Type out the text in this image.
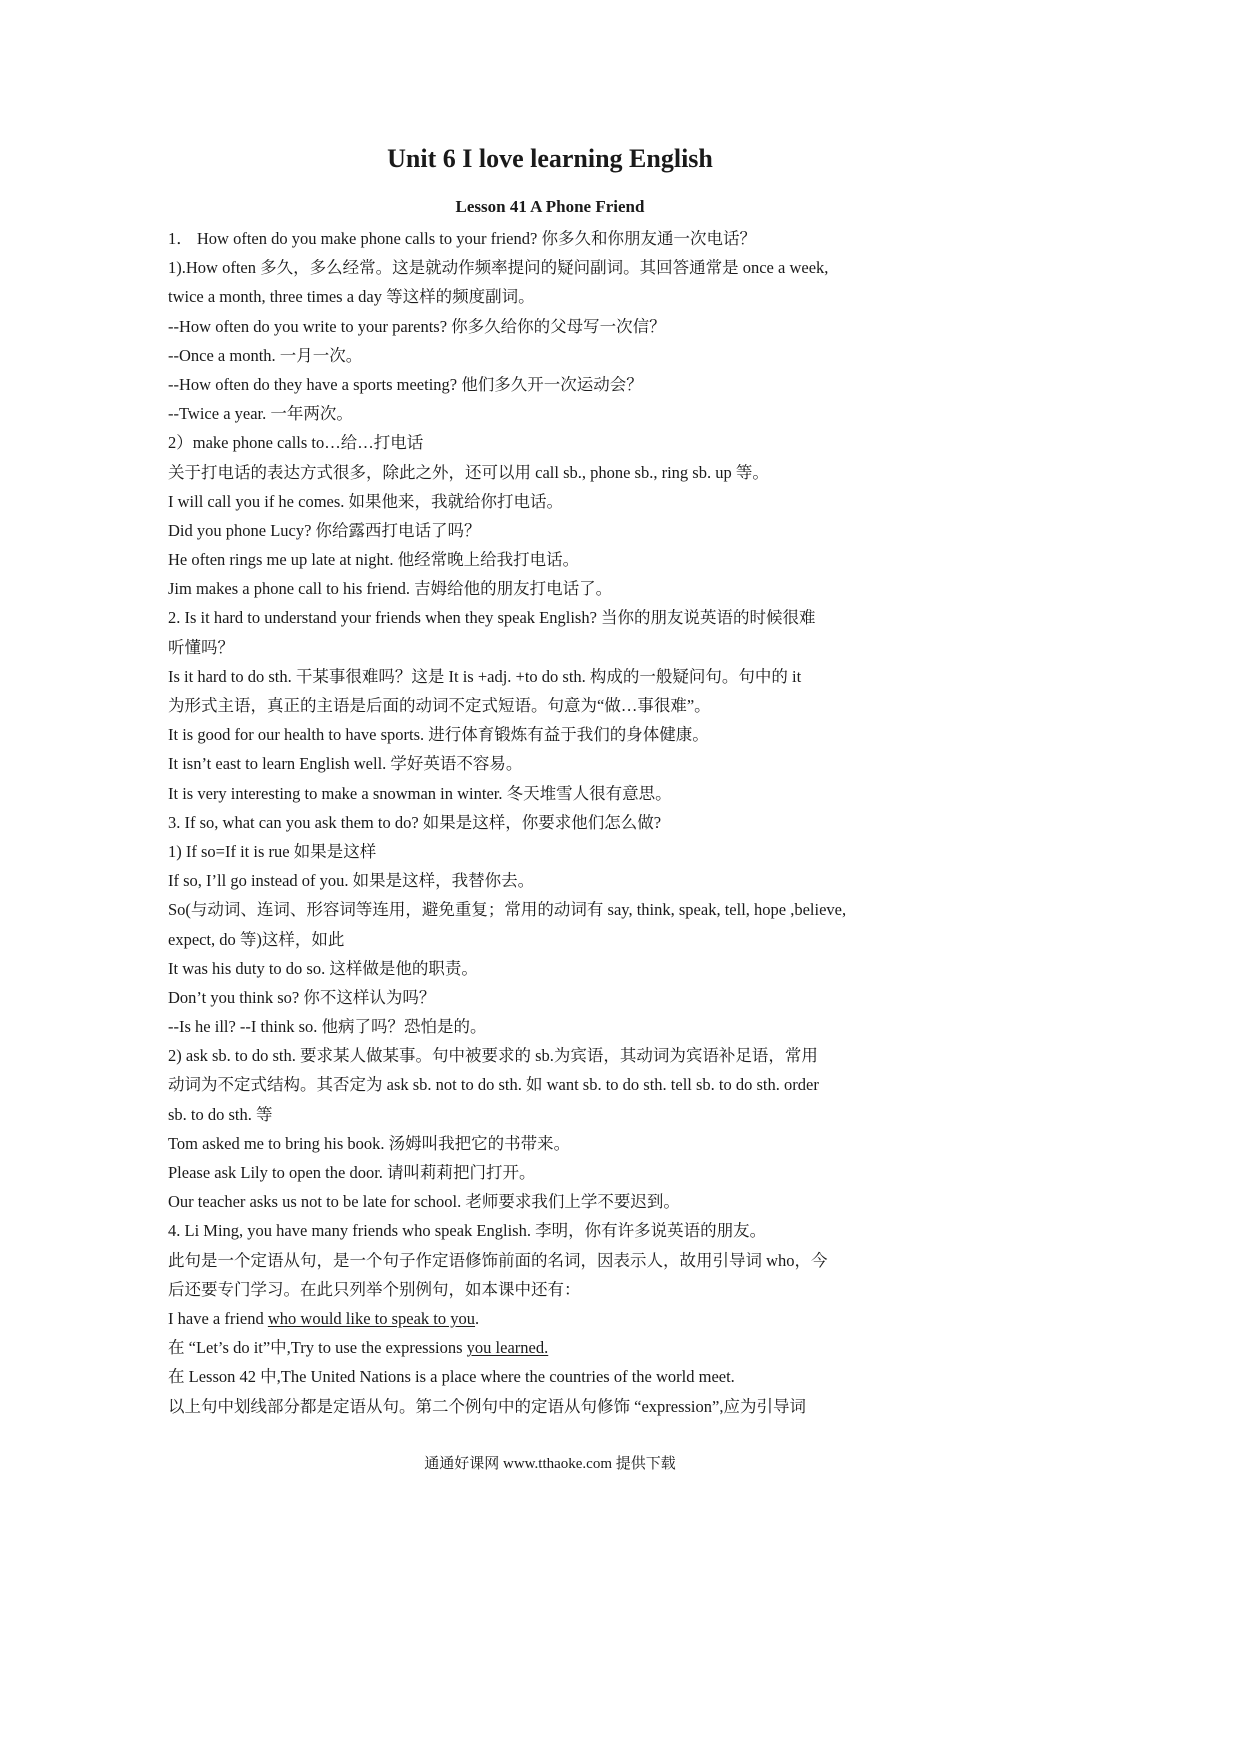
Unit 6 I love learning English
Lesson 41 A Phone Friend
1． How often do you make phone calls to your friend? 你多久和你朋友通一次电话？
1).How often 多久，多么经常。这是就动作频率提问的疑问副词。其回答通常是 once a week,
twice a month, three times a day 等这样的频度副词。
--How often do you write to your parents? 你多久给你的父母写一次信？
--Once a month. 一月一次。
--How often do they have a sports meeting? 他们多久开一次运动会？
--Twice a year. 一年两次。
2）make phone calls to…给…打电话
关于打电话的表达方式很多，除此之外，还可以用 call sb., phone sb., ring sb. up 等。
I will call you if he comes. 如果他来，我就给你打电话。
Did you phone Lucy? 你给露西打电话了吗？
He often rings me up late at night. 他经常晚上给我打电话。
Jim makes a phone call to his friend. 吉姆给他的朋友打电话了。
2. Is it hard to understand your friends when they speak English? 当你的朋友说英语的时候很难
听懂吗？
Is it hard to do sth. 干某事很难吗？这是 It is +adj. +to do sth. 构成的一般疑问句。句中的 it
为形式主语，真正的主语是后面的动词不定式短语。句意为“做…事很难”。
It is good for our health to have sports. 进行体育锻炼有益于我们的身体健康。
It isn’t east to learn English well. 学好英语不容易。
It is very interesting to make a snowman in winter. 冬天堆雪人很有意思。
3. If so, what can you ask them to do? 如果是这样，你要求他们怎么做?
1) If so=If it is rue 如果是这样
If so, I’ll go instead of you. 如果是这样，我替你去。
So(与动词、连词、形容词等连用，避免重复；常用的动词有 say, think, speak, tell, hope ,believe,
expect, do 等)这样，如此
It was his duty to do so. 这样做是他的职责。
Don’t you think so? 你不这样认为吗？
--Is he ill? --I think so. 他病了吗？恐怕是的。
2) ask sb. to do sth. 要求某人做某事。句中被要求的 sb.为宾语，其动词为宾语补足语，常用
动词为不定式结构。其否定为 ask sb. not to do sth. 如 want sb. to do sth. tell sb. to do sth. order
sb. to do sth. 等
Tom asked me to bring his book. 汤姆叫我把它的书带来。
Please ask Lily to open the door. 请叫莉莉把门打开。
Our teacher asks us not to be late for school. 老师要求我们上学不要迟到。
4. Li Ming, you have many friends who speak English. 李明，你有许多说英语的朋友。
此句是一个定语从句，是一个句子作定语修饰前面的名词，因表示人，故用引导词 who，今
后还要专门学习。在此只列举个别例句，如本课中还有：
I have a friend who would like to speak to you.
在 “Let’s do it”中,Try to use the expressions you learned.
在 Lesson 42 中,The United Nations is a place where the countries of the world meet.
以上句中划线部分都是定语从句。第二个例句中的定语从句修饰 “expression”,应为引导词
通通好课网 www.tthaoke.com 提供下载
